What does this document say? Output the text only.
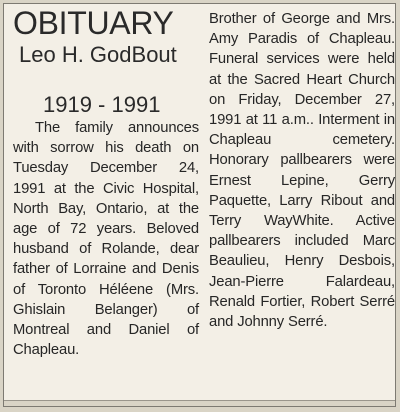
OBITUARY
Leo H. GodBout
1919 - 1991

The family announces with sorrow his death on Tuesday December 24, 1991 at the Civic Hospital, North Bay, Ontario, at the age of 72 years. Beloved husband of Rolande, dear father of Lorraine and Denis of Toronto Héléene (Mrs. Ghislain Belanger) of Montreal and Daniel of Chapleau.

Brother of George and Mrs. Amy Paradis of Chapleau. Funeral services were held at the Sacred Heart Church on Friday, December 27, 1991 at 11 a.m.. Interment in Chapleau cemetery. Honorary pallbearers were Ernest Lepine, Gerry Paquette, Larry Ribout and Terry WayWhite. Active pallbearers included Marc Beaulieu, Henry Desbois, Jean-Pierre Falardeau, Renald Fortier, Robert Serré and Johnny Serré.
